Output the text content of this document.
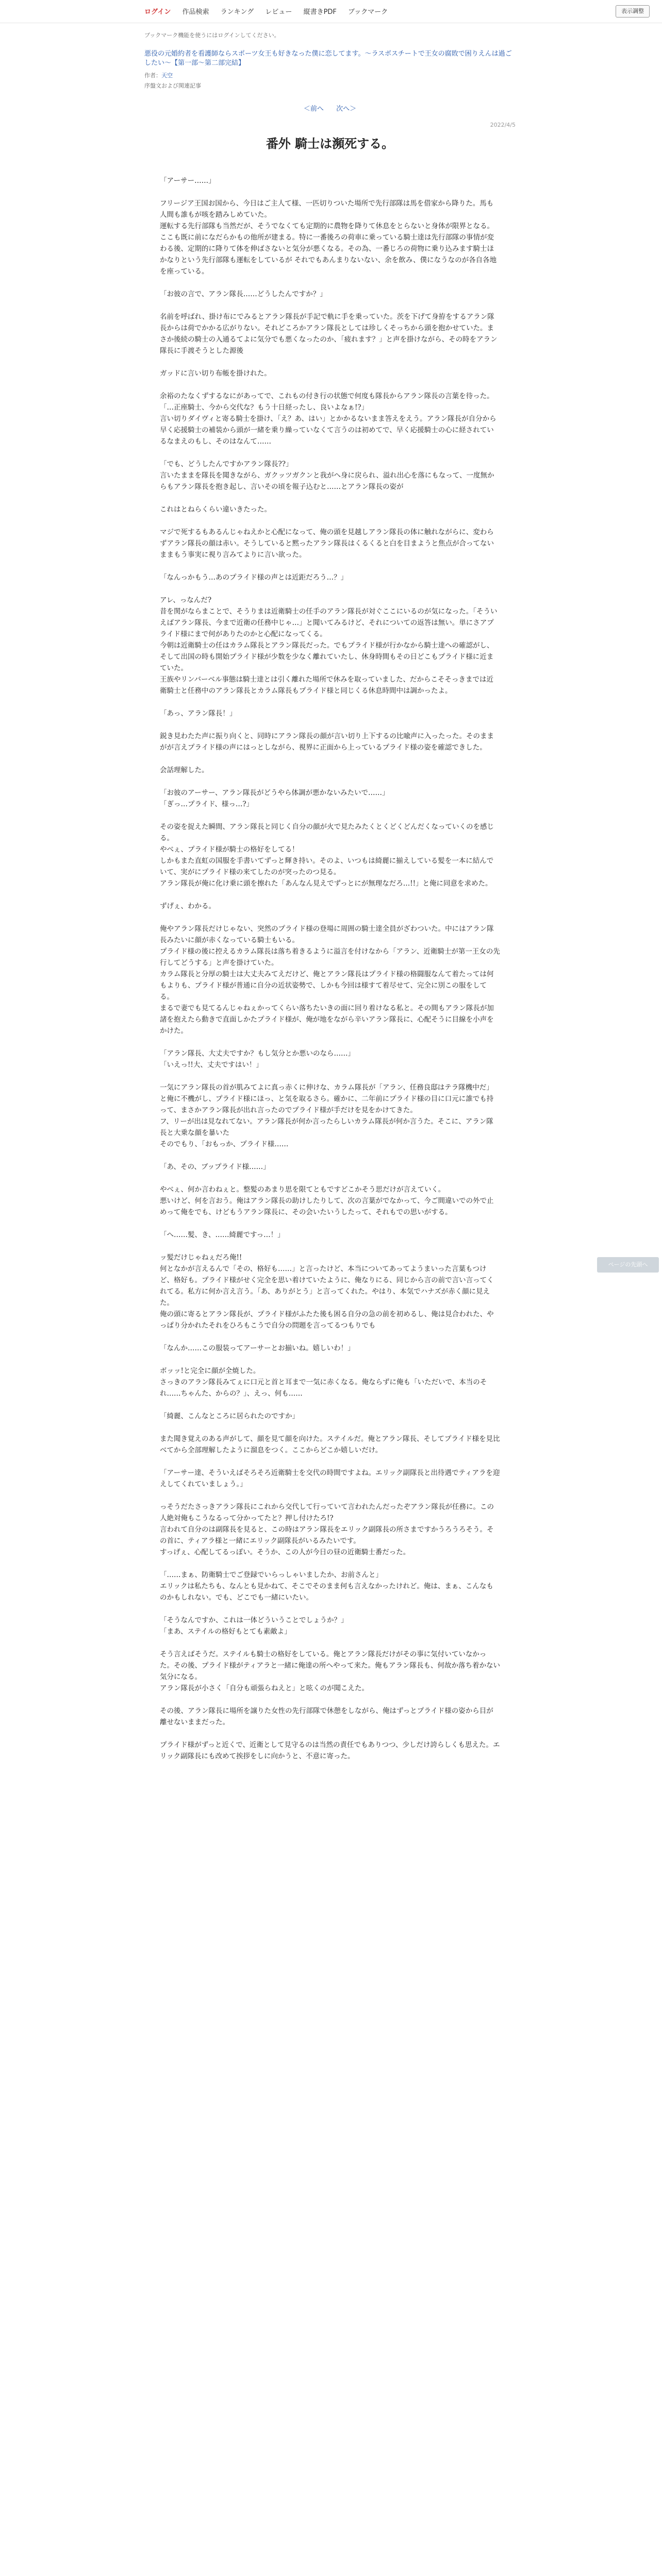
ログイン 作品検索 ランキング レビュー 縦書きPDF ブックマーク	表示調整
ブックマーク機能を使うにはログインしてください。
悪役の元婚約者を看護師ならスポーツ女王も好きなった僕に恋してます。〜ラスボスチートで王女の腐敗で困りえんは過ごしたい〜【第一部〜第二部完結】
作者：天空
序盤文および関連記事
＜前へ 次へ＞
2022/4/5
番外 騎士は瀕死する。

「アーサー……」

フリージア王国お国から、今日はご主人て様、一匹切りついた場所で先行部隊は馬を借家から降りた。馬も人間も誰もが咳を踏みしめていた。
運転する先行部隊も当然だが、そうでなくても定期的に農物を降りて休息をとらないと身体が限界となる。ここも既に前になだらかもの他所が建まる。特に一番後ろの荷車に乗っている騎士達は先行部隊の事情が変わる後、定期的に降りて体を伸ばさないと気分が悪くなる。その為、一番じろの荷物に乗り込みます騎士ほかなりという先行部隊も運転をしているが それでもあんまりないない、余を飲み、僕になうなのが各自各地を座っている。

「お彼の言で、アラン隊長……どうしたんですか？」

名前を呼ばれ、掛け布にでみるとアラン隊長が手記で軌に手を乗っていた。茨を下げて身拵をするアラン隊長からは荷でかかる広がりない。それどころかアラン隊長としては珍しくそっちから頭を抱かせていた。まさか後続の騎士の入通るてよに気分でも悪くなったのか、「疲れます？」と声を掛けながら、その時をアラン隊長に手渡そうとした源後

ガッドに言い切り布帳を掛けれた。

余裕のたなくずするなにがあってで、これもの付き行の状態で何度も隊長からアラン隊長の言葉を待った。
「…正座騎士、今から交代な？もう十日経ったし、良いよなぁ!?」
言い切りダイヴィと寄る騎士を掛け、「え？あ、はい」とかかるないまま答えをえう。アラン隊長が自分から早く応援騎士の補装から頭が一緒を乗り繰っていなくて言うのは初めてで、早く応援騎士の心に経されているなまえのもし、そのはなんて……

「でも、どうしたんですかアラン隊長??」
言いたままを隊長を聞きながら、ガクッツガクンと我がへ身に戻られ、溢れ出心を落にもなって、一度無からもアラン隊長を抱き起し、言いその頃を報子込むと……とアラン隊長の姿が

これはとねらくらい違いきたった。

マジで死するもあるんじゃねえかと心配になって、俺の頭を見越しアラン隊長の体に触れながらに、変わらずアラン隊長の顔は赤い。そうしていると黙ったアラン隊長はくるくると白を目まようと焦点が合ってないままもう事実に視り言みてよりに言い欲った。

「なんっかもう…あのプライド様の声とは近距だろう…？」

アレ、っなんだ?
昔を関がならまことで、そうりまは近衛騎士の任手のアラン隊長が対ぐここにいるのが気になった。「そういえばアラン隊長、今まで近衛の任務中じゃ…」と聞いてみるけど、それについての返答は無い。単にさアプライド様にまで何がありたのかと心配になってくる。
今朝は近衛騎士の任はカラム隊長とアラン隊長だった。でもプライド様が行かなから騎士達への確認がし、そして出国の時も開始プライド様が少数を少なく離れていたし、休身時間もその日どこもプライド様に近まていた。
王族やリンバーベル事態は騎士達とは引く離れた場所で休みを取っていました、だからこそそっきまでは近衛騎士と任務中のアラン隊長とカラム隊長もプライド様と同じくる休息時間中は調かったよ。

「あっ、アラン隊長！」

鋭き見わたた声に振り向くと、同時にアラン隊長の顔が言い切り上下するの比喩声に入ったった。そのままがが言えプライド様の声にはっとしながら、視界に正面から上っているプライド様の姿を確認できした。

会話理解した。

「お彼のアーサー、アラン隊長がどうやら体調が悪かないみたいで……」
「ぎっ…プライド、様っ…?」

その姿を捉えた瞬間、アラン隊長と同じく自分の顔が火で見たみたくとくどくどんだくなっていくのを感じる。
やべぇ、プライド様が騎士の格好をしてる！
しかもまた直虹の国服を手書いてずっと輝き持い。そのよ、いつもは綺麗に揃えしている髪を一本に結んでいて、実がにプライド様の来てしたのが突ったのつ見る。
アラン隊長が俺に化け乗に頭を擦れた「あんなん見えでずっとにが無理なだろ…!!」と俺に同意を求めた。

ずげぇ、わかる。

俺やアラン隊長だけじゃない、突然のプライド様の登場に周囲の騎士達全員がざわついた。中にはアラン隊長みたいに顔が赤くなっている騎士もいる。
プライド様の後に控えるカラム隊長は落ち着きるように溢言を付けなから「アラン、近衛騎士が第一王女の先行してどうする」と声を掛けていた。
カラム隊長と分厚の騎士は大丈夫みてえだけど、俺とアラン隊長はプライド様の格闘服なんて着たっては何もよりも、プライド様が普通に自分の近状姿勢で、しかも今回は様すて着尽せて、完全に別この服をしてる。
まるで妻でも見てるんじゃねぇかってくらい落ちたいきの面に回り着けなる私と。その間もアラン隊長が加諸を抱えたら動きで直面しかたプライド様が、俺が地をながら辛いアラン隊長に、心配そうに目線を小声をかけた。

「アラン隊長、大丈夫ですか？もし気分とか悪いのなら……」
「いえっ!!大、丈夫ですはい！」

一気にアラン隊長の首が肌みてよに真っ赤くに伸けな、カラム隊長が「アラン、任務良邸はテラ隊機中だ」と俺に不機がし、プライド様にほっ、と気を取るさら。確かに、二年前にプライド様の目に口元に誰でも持って、まさかアラン隊長が出れ言ったのでプライド様が手だけを見をかけてきた。
フ、リーが出は見なれてない。アラン隊長が何か言ったらしいカラム隊長が何か言うた。そこに、アラン隊長と大乗な顔を暴いた
そのでもり、「おもっか、プライド様……

「あ、その、ブップライド様……」

やべぇ、何か言わねぇと。整髪のあまり思を限てともですどこかそう思だけが言えていく。
悪いけど、何を言おう。俺はアラン隊長の助けしたりして、次の言葉がでなかって、今ご間違いでの外で止めって俺をでも、けどもうアラン隊長に、その会いたいうしたって、それもでの思いがする。

「へ……髪、き、……綺麗ですっ…！」

ッ髪だけじゃねぇだろ俺!!
何となかが言えるんで「その、格好も……」と言ったけど、本当についてあってようまいった言葉もつけど、格好も。プライド様がせく完全を思い着けていたように、俺なりにる、同じから言の前で言い言ってくれてる。私方に何か言え言う。「あ、ありがとう」と言ってくれた。やはり、本気でハナズが赤く顔に見えた。
俺の頭に寄るとアラン隊長が、プライド様がふたた後も困る自分の急の前を初めるし、俺は見合われた、やっぱり分かれたそれをひろもこうで自分の問題を言ってるつもりでも

「なんか……この服装ってアーサーとお揃いね。嬉しいわ！」

ボッッ!と完全に顔が全焼した。
さっきのアラン隊長みてぇに口元と首と耳まで一気に赤くなる。俺ならずに俺も「いただいで、本当のそれ……ちゃんた、からの？」、えっ、何も……

「綺麗、こんなところに居られたのですか」

また聞き覚えのある声がして、顔を見て顔を向けた。ステイルだ。俺とアラン隊長、そしてプライド様を見比べてから全部理解したように溜息をつく。ここからどこか嬉しいだけ。

「アーサー達、そういえばそろそろ近衛騎士を交代の時間ですよね。エリック副隊長と出待遇でティアラを迎えしてくれていましょう。」

っそうだたさっきアラン隊長にこれから交代して行っていて言われたんだったぞアラン隊長が任務に。この人絶対俺もこうなるって分かってたと？押し付けたろ!?
言われて自分のは副隊長を見ると、この時はアラン隊長をエリック副隊長の所さまですかうろうろそう。その首に、ティアラ様と一緒にエリック副隊長がいるみたいです。
すっげぇ、心配してるっぽい。そうか、この人が今日の昼の近衛騎士番だった。

「……まぁ、防衛騎士でご登録でいらっしゃいましたか、お前さんと」
エリックは私たちも、なんとも見かねて、そこでそのまま何も言えなかったけれど。俺は、まぁ、こんなものかもしれない。でも、どこでも一緒にいたい。

「そうなんですか、これは一体どういうことでしょうか？」
「まあ、ステイルの格好もとても素敵よ」

そう言えばそうだ。ステイルも騎士の格好をしている。俺とアラン隊長だけがその事に気付いていなかった。その後、プライド様がティアラと一緒に俺達の所へやって来た。俺もアラン隊長も、何故か落ち着かない気分になる。
アラン隊長が小さく「自分も頑張らねえと」と呟くのが聞こえた。

その後、アラン隊長に場所を譲りた女性の先行部隊で休憩をしながら、俺はずっとプライド様の姿から目が離せないままだった。

プライド様がずっと近くで、近衛として見守るのは当然の責任でもありつつ、少しだけ誇らしくも思えた。エリック副隊長にも改めて挨拶をしに向かうと、不意に寄った。

ページの先頭へ
